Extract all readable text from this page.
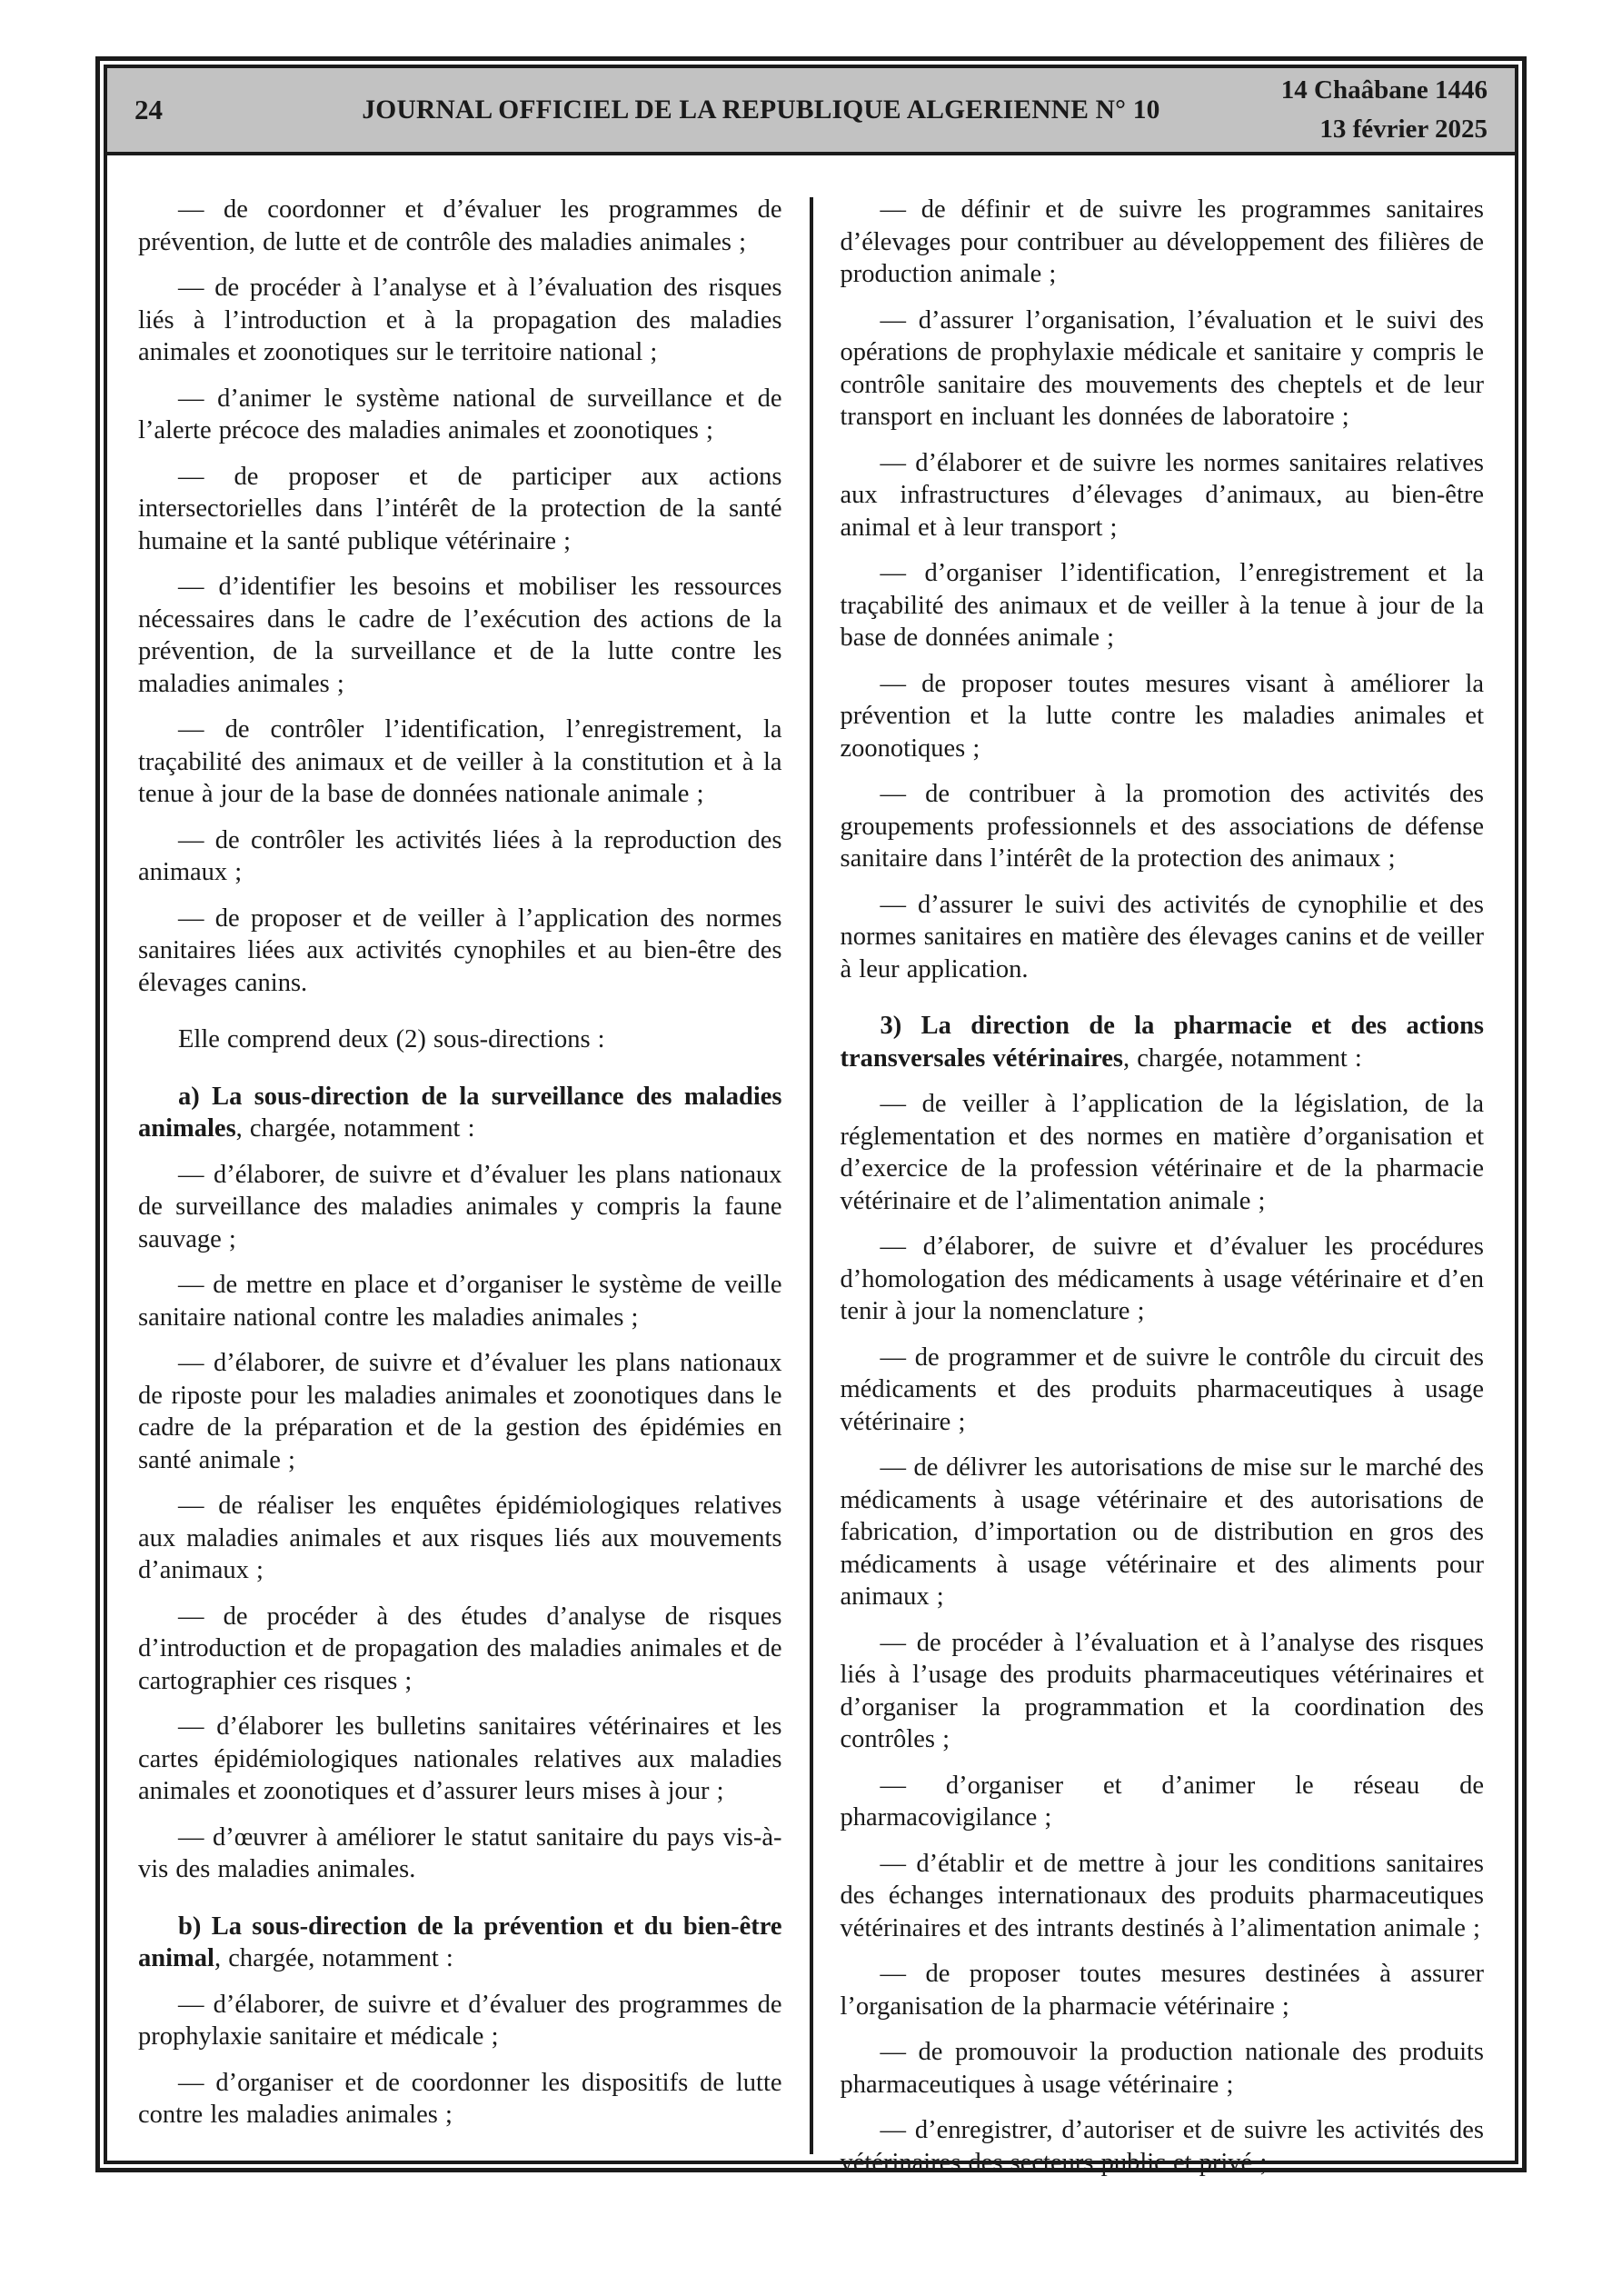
24	JOURNAL OFFICIEL DE LA REPUBLIQUE ALGERIENNE N° 10
14 Chaâbane 1446
13 février 2025

— de coordonner et d’évaluer les programmes de prévention, de lutte et de contrôle des maladies animales ;

— de procéder à l’analyse et à l’évaluation des risques liés à l’introduction et à la propagation des maladies animales et zoonotiques sur le territoire national ;

— d’animer le système national de surveillance et de l’alerte précoce des maladies animales et zoonotiques ;

— de proposer et de participer aux actions intersectorielles dans l’intérêt de la protection de la santé humaine et la santé publique vétérinaire ;

— d’identifier les besoins et mobiliser les ressources nécessaires dans le cadre de l’exécution des actions de la prévention, de la surveillance et de la lutte contre les maladies animales ;

— de contrôler l’identification, l’enregistrement, la traçabilité des animaux et de veiller à la constitution et à la tenue à jour de la base de données nationale animale ;

— de contrôler les activités liées à la reproduction des animaux ;

— de proposer et de veiller à l’application des normes sanitaires liées aux activités cynophiles et au bien-être des élevages canins.

Elle comprend deux (2) sous-directions :

a) La sous-direction de la surveillance des maladies animales, chargée, notamment :

— d’élaborer, de suivre et d’évaluer les plans nationaux de surveillance des maladies animales y compris la faune sauvage ;

— de mettre en place et d’organiser le système de veille sanitaire national contre les maladies animales ;

— d’élaborer, de suivre et d’évaluer les plans nationaux de riposte pour les maladies animales et zoonotiques dans le cadre de la préparation et de la gestion des épidémies en santé animale ;

— de réaliser les enquêtes épidémiologiques relatives aux maladies animales et aux risques liés aux mouvements d’animaux ;

— de procéder à des études d’analyse de risques d’introduction et de propagation des maladies animales et de cartographier ces risques ;

— d’élaborer les bulletins sanitaires vétérinaires et les cartes épidémiologiques nationales relatives aux maladies animales et zoonotiques et d’assurer leurs mises à jour ;

— d’œuvrer à améliorer le statut sanitaire du pays vis-à-vis des maladies animales.

b) La sous-direction de la prévention et du bien-être animal, chargée, notamment :

— d’élaborer, de suivre et d’évaluer des programmes de prophylaxie sanitaire et médicale ;

— d’organiser et de coordonner les dispositifs de lutte contre les maladies animales ;

— de définir et de suivre les programmes sanitaires d’élevages pour contribuer au développement des filières de production animale ;

— d’assurer l’organisation, l’évaluation et le suivi des opérations de prophylaxie médicale et sanitaire y compris le contrôle sanitaire des mouvements des cheptels et de leur transport en incluant les données de laboratoire ;

— d’élaborer et de suivre les normes sanitaires relatives aux infrastructures d’élevages d’animaux, au bien-être animal et à leur transport ;

— d’organiser l’identification, l’enregistrement et la traçabilité des animaux et de veiller à la tenue à jour de la base de données animale ;

— de proposer toutes mesures visant à améliorer la prévention et la lutte contre les maladies animales et zoonotiques ;

— de contribuer à la promotion des activités des groupements professionnels et des associations de défense sanitaire dans l’intérêt de la protection des animaux ;

— d’assurer le suivi des activités de cynophilie et des normes sanitaires en matière des élevages canins et de veiller à leur application.

3) La direction de la pharmacie et des actions transversales vétérinaires, chargée, notamment :

— de veiller à l’application de la législation, de la réglementation et des normes en matière d’organisation et d’exercice de la profession vétérinaire et de la pharmacie vétérinaire et de l’alimentation animale ;

— d’élaborer, de suivre et d’évaluer les procédures d’homologation des médicaments à usage vétérinaire et d’en tenir à jour la nomenclature ;

— de programmer et de suivre le contrôle du circuit des médicaments et des produits pharmaceutiques à usage vétérinaire ;

— de délivrer les autorisations de mise sur le marché des médicaments à usage vétérinaire et des autorisations de fabrication, d’importation ou de distribution en gros des médicaments à usage vétérinaire et des aliments pour animaux ;

— de procéder à l’évaluation et à l’analyse des risques liés à l’usage des produits pharmaceutiques vétérinaires et d’organiser la programmation et la coordination des contrôles ;

— d’organiser et d’animer le réseau de pharmacovigilance ;

— d’établir et de mettre à jour les conditions sanitaires des échanges internationaux des produits pharmaceutiques vétérinaires et des intrants destinés à l’alimentation animale ;

— de proposer toutes mesures destinées à assurer l’organisation de la pharmacie vétérinaire ;

— de promouvoir la production nationale des produits pharmaceutiques à usage vétérinaire ;

— d’enregistrer, d’autoriser et de suivre les activités des vétérinaires des secteurs public et privé ;
